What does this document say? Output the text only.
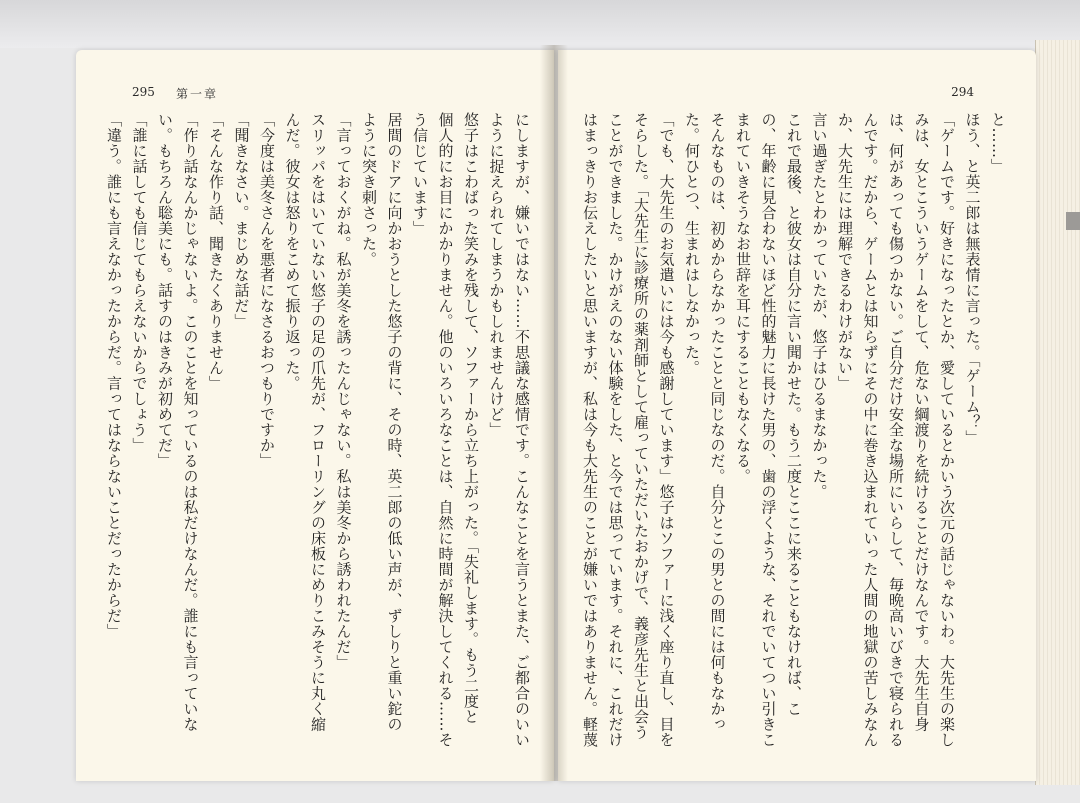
295 第一章

にしますが、嫌いではない……不思議な感情です。こんなことを言うとまた、ご都合のいい

ように捉えられてしまうかもしれませんけど」

悠子はこわばった笑みを残して、ソファーから立ち上がった。「失礼します。もう二度と

個人的にお目にかかりません。他のいろいろなことは、自然に時間が解決してくれる……そ

う信じています」

居間のドアに向かおうとした悠子の背に、その時、英二郎の低い声が、ずしりと重い鉈の

ように突き刺さった。

「言っておくがね。私が美冬を誘ったんじゃない。私は美冬から誘われたんだ」

スリッパをはいていない悠子の足の爪先が、フローリングの床板にめりこみそうに丸く縮

んだ。彼女は怒りをこめて振り返った。

「今度は美冬さんを悪者になさるおつもりですか」

「聞きなさい。まじめな話だ」

「そんな作り話、聞きたくありません」

「作り話なんかじゃないよ。このことを知っているのは私だけなんだ。誰にも言っていな

い。もちろん聡美にも。話すのはきみが初めてだ」

「誰に話しても信じてもらえないからでしょう」

「違う。誰にも言えなかったからだ。言ってはならないことだったからだ」

294

と……」

ほう、と英二郎は無表情に言った。「ゲーム？」

「ゲームです。好きになったとか、愛しているとかいう次元の話じゃないわ。大先生の楽し

みは、女とこういうゲームをして、危ない綱渡りを続けることだけなんです。大先生自身

は、何があっても傷つかない。ご自分だけ安全な場所にいらして、毎晩高いびきで寝られる

んです。だから、ゲームとは知らずにその中に巻き込まれていった人間の地獄の苦しみなん

か、大先生には理解できるわけがない」

言い過ぎたとわかっていたが、悠子はひるまなかった。

これで最後、と彼女は自分に言い聞かせた。もう二度とここに来ることもなければ、こ

の、年齢に見合わないほど性的魅力に長けた男の、歯の浮くような、それでいてつい引きこ

まれていきそうなお世辞を耳にすることもなくなる。

そんなものは、初めからなかったことと同じなのだ。自分とこの男との間には何もなかっ

た。何ひとつ、生まれはしなかった。

「でも、大先生のお気遣いには今も感謝しています」悠子はソファーに浅く座り直し、目を

そらした。「大先生に診療所の薬剤師として雇っていただいたおかげで、義彦先生と出会う

ことができました。かけがえのない体験をした、と今では思っています。それに、これだけ

はまっきりお伝えしたいと思いますが、私は今も大先生のことが嫌いではありません。軽蔑
